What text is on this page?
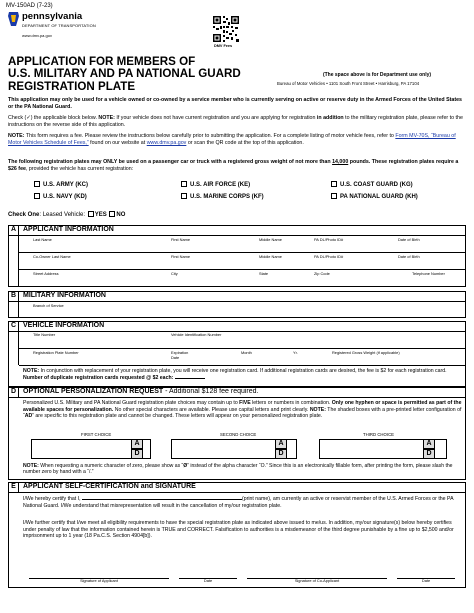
MV-150AD (7-23)
pennsylvania
DEPARTMENT OF TRANSPORTATION
www.dmv.pa.gov
DMV Fees
APPLICATION FOR MEMBERS OF
U.S. MILITARY AND PA NATIONAL GUARD
REGISTRATION PLATE
(The space above is for Department use only)
Bureau of Motor Vehicles • 1101 South Front Street • Harrisburg, PA 17104
This application may only be used for a vehicle owned or co-owned by a service member who is currently serving on active or reserve duty in the Armed Forces of the United States or the PA National Guard.
Check (✓) the applicable block below. NOTE: If your vehicle does not have current registration and you are applying for registration in addition to the military registration plate, please refer to the instructions on the reverse side of this application.
NOTE: This form requires a fee. Please review the instructions below carefully prior to submitting the application. For a complete listing of motor vehicle fees, refer to Form MV-70S, “Bureau of Motor Vehicles Schedule of Fees,” found on our website at www.dmv.pa.gov or scan the QR code at the top of this application.
The following registration plates may ONLY be used on a passenger car or truck with a registered gross weight of not more than 14,000 pounds. These registration plates require a $26 fee, provided the vehicle has current registration:
U.S. ARMY (KC)	U.S. AIR FORCE (KE)	U.S. COAST GUARD (KG)
U.S. NAVY (KD)	U.S. MARINE CORPS (KF)	PA NATIONAL GUARD (KH)
Check One: Leased Vehicle: YES NO
A APPLICANT INFORMATION
Last Name	First Name	Middle Name	PA DL/Photo ID#	Date of Birth
Co-Owner Last Name	First Name	Middle Name	PA DL/Photo ID#	Date of Birth
Street Address	City	State	Zip Code	Telephone Number
B MILITARY INFORMATION
Branch of Service
C VEHICLE INFORMATION
Title Number	Vehicle Identification Number
Registration Plate Number	Expiration
Date
Month	Yr.	Registered Gross Weight (if applicable)
NOTE: In conjunction with replacement of your registration plate, you will receive one registration card. If additional registration cards are desired, the fee is $2 for each registration card. Number of duplicate registration cards requested @ $2 each:
D OPTIONAL PERSONALIZATION REQUEST - Additional $128 fee required.
Personalized U.S. Military and PA National Guard registration plate choices may contain up to FIVE letters or numbers in combination. Only one hyphen or space is permitted as part of the available spaces for personalization. No other special characters are available. Please use capital letters and print clearly. NOTE: The shaded boxes with a pre-printed letter configuration of “AD” are specific to this registration plate and cannot be changed. These letters will appear on your personalized registration plate.
FIRST CHOICE	SECOND CHOICE	THIRD CHOICE
A
D
A
D
A
D
NOTE: When requesting a numeric character of zero, please show as “Ø” instead of the alpha character “O.” Since this is an electronically fillable form, after printing the form, please slash the number zero by hand with a “/.”
E	APPLICANT SELF-CERTIFICATION and SIGNATURE
I/We hereby certify that I,	(print name), am currently an active or reservist member of the U.S. Armed Forces or the PA National Guard. I/We understand that misrepresentation will result in the cancellation of my/our registration plate.
I/We further certify that I/we meet all eligibility requirements to have the special registration plate as indicated above issued to me/us. In addition, my/our signature(s) below hereby certifies under penalty of law that the information contained herein is TRUE and CORRECT. Falsification to authorities is a misdemeanor of the third degree punishable by a fine up to $2,500 and/or imprisonment up to 1 year (18 Pa.C.S. Section 4904[b]).
Signature of Applicant	Date	Signature of Co-Applicant	Date
